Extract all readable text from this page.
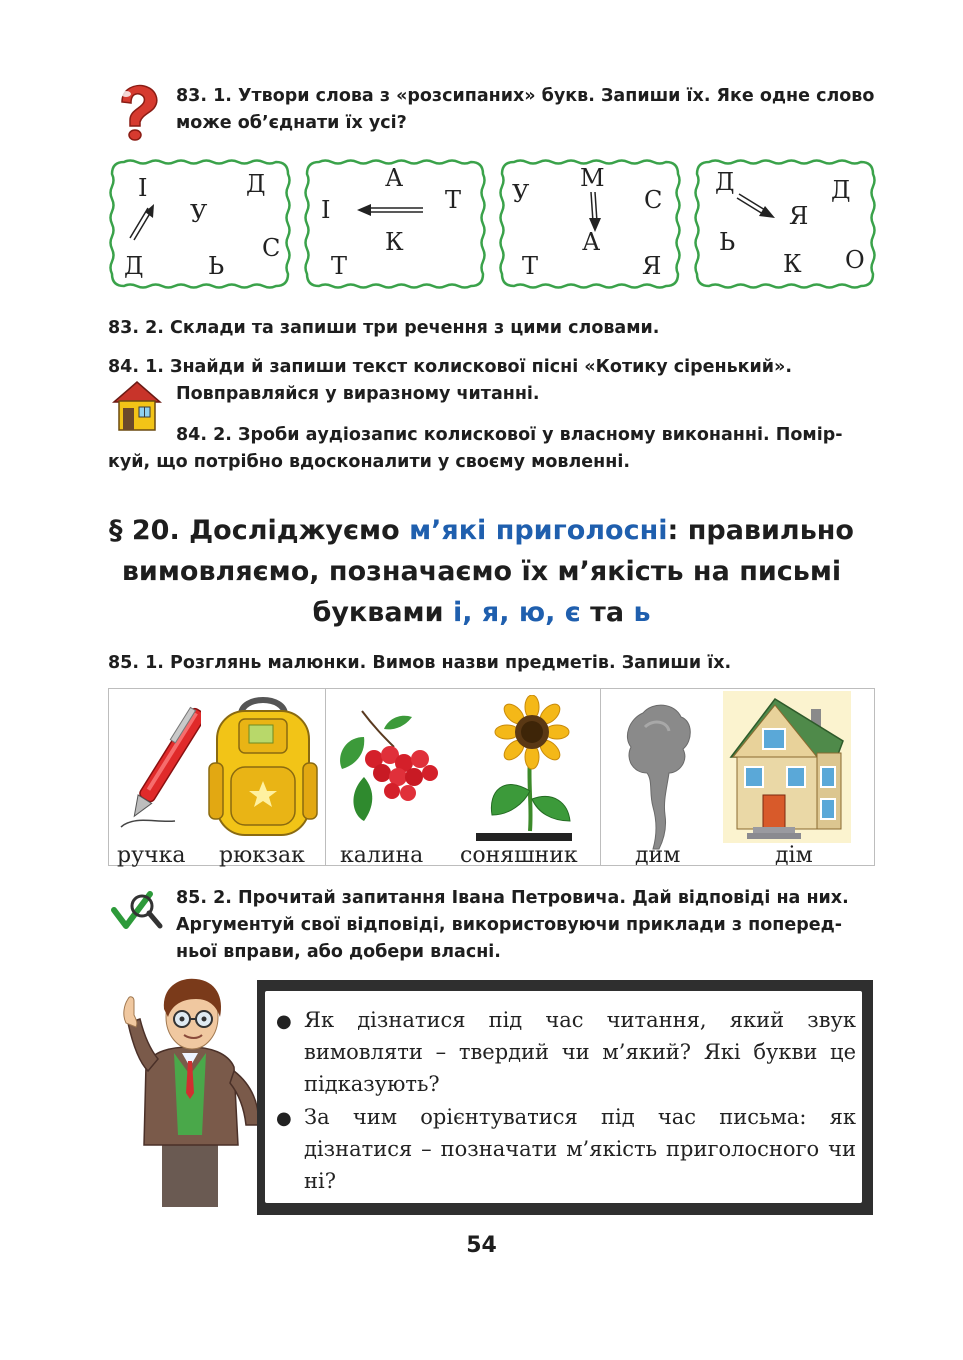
83. 1. Утвори слова з «розсипаних» букв. Запиши їх. Яке одне слово
може об’єднати їх усі?
І	Д
У
С
Д	Ь
А
І	Т
К
Т
М
У	С
А
Т	Я
Д	Д
Я
Ь
К О
83. 2. Склади та запиши три речення з цими словами.
84. 1. Знайди й запиши текст колискової пісні «Котику сіренький».
Повправляйся у виразному читанні.
84. 2. Зроби аудіозапис колискової у власному виконанні. Помір-
куй, що потрібно вдосконалити у своєму мовленні.
§ 20. Досліджуємо м’які приголосні: правильно
вимовляємо, позначаємо їх м’якість на письмі
буквами і, я, ю, є та ь
85. 1. Розглянь малюнки. Вимов назви предметів. Запиши їх.
ручка рюкзак калина соняшник	дим	дім
85. 2. Прочитай запитання Івана Петровича. Дай відповіді на них.
Аргументуй свої відповіді, використовуючи приклади з поперед-
ньої вправи, або добери власні.
● Як дізнатися під час читання, який звук вимовляти – твердий чи м’який? Які букви це підказують?
● За чим орієнтуватися під час письма: як дізнатися – позначати м’якість приголосного чи ні?
54
